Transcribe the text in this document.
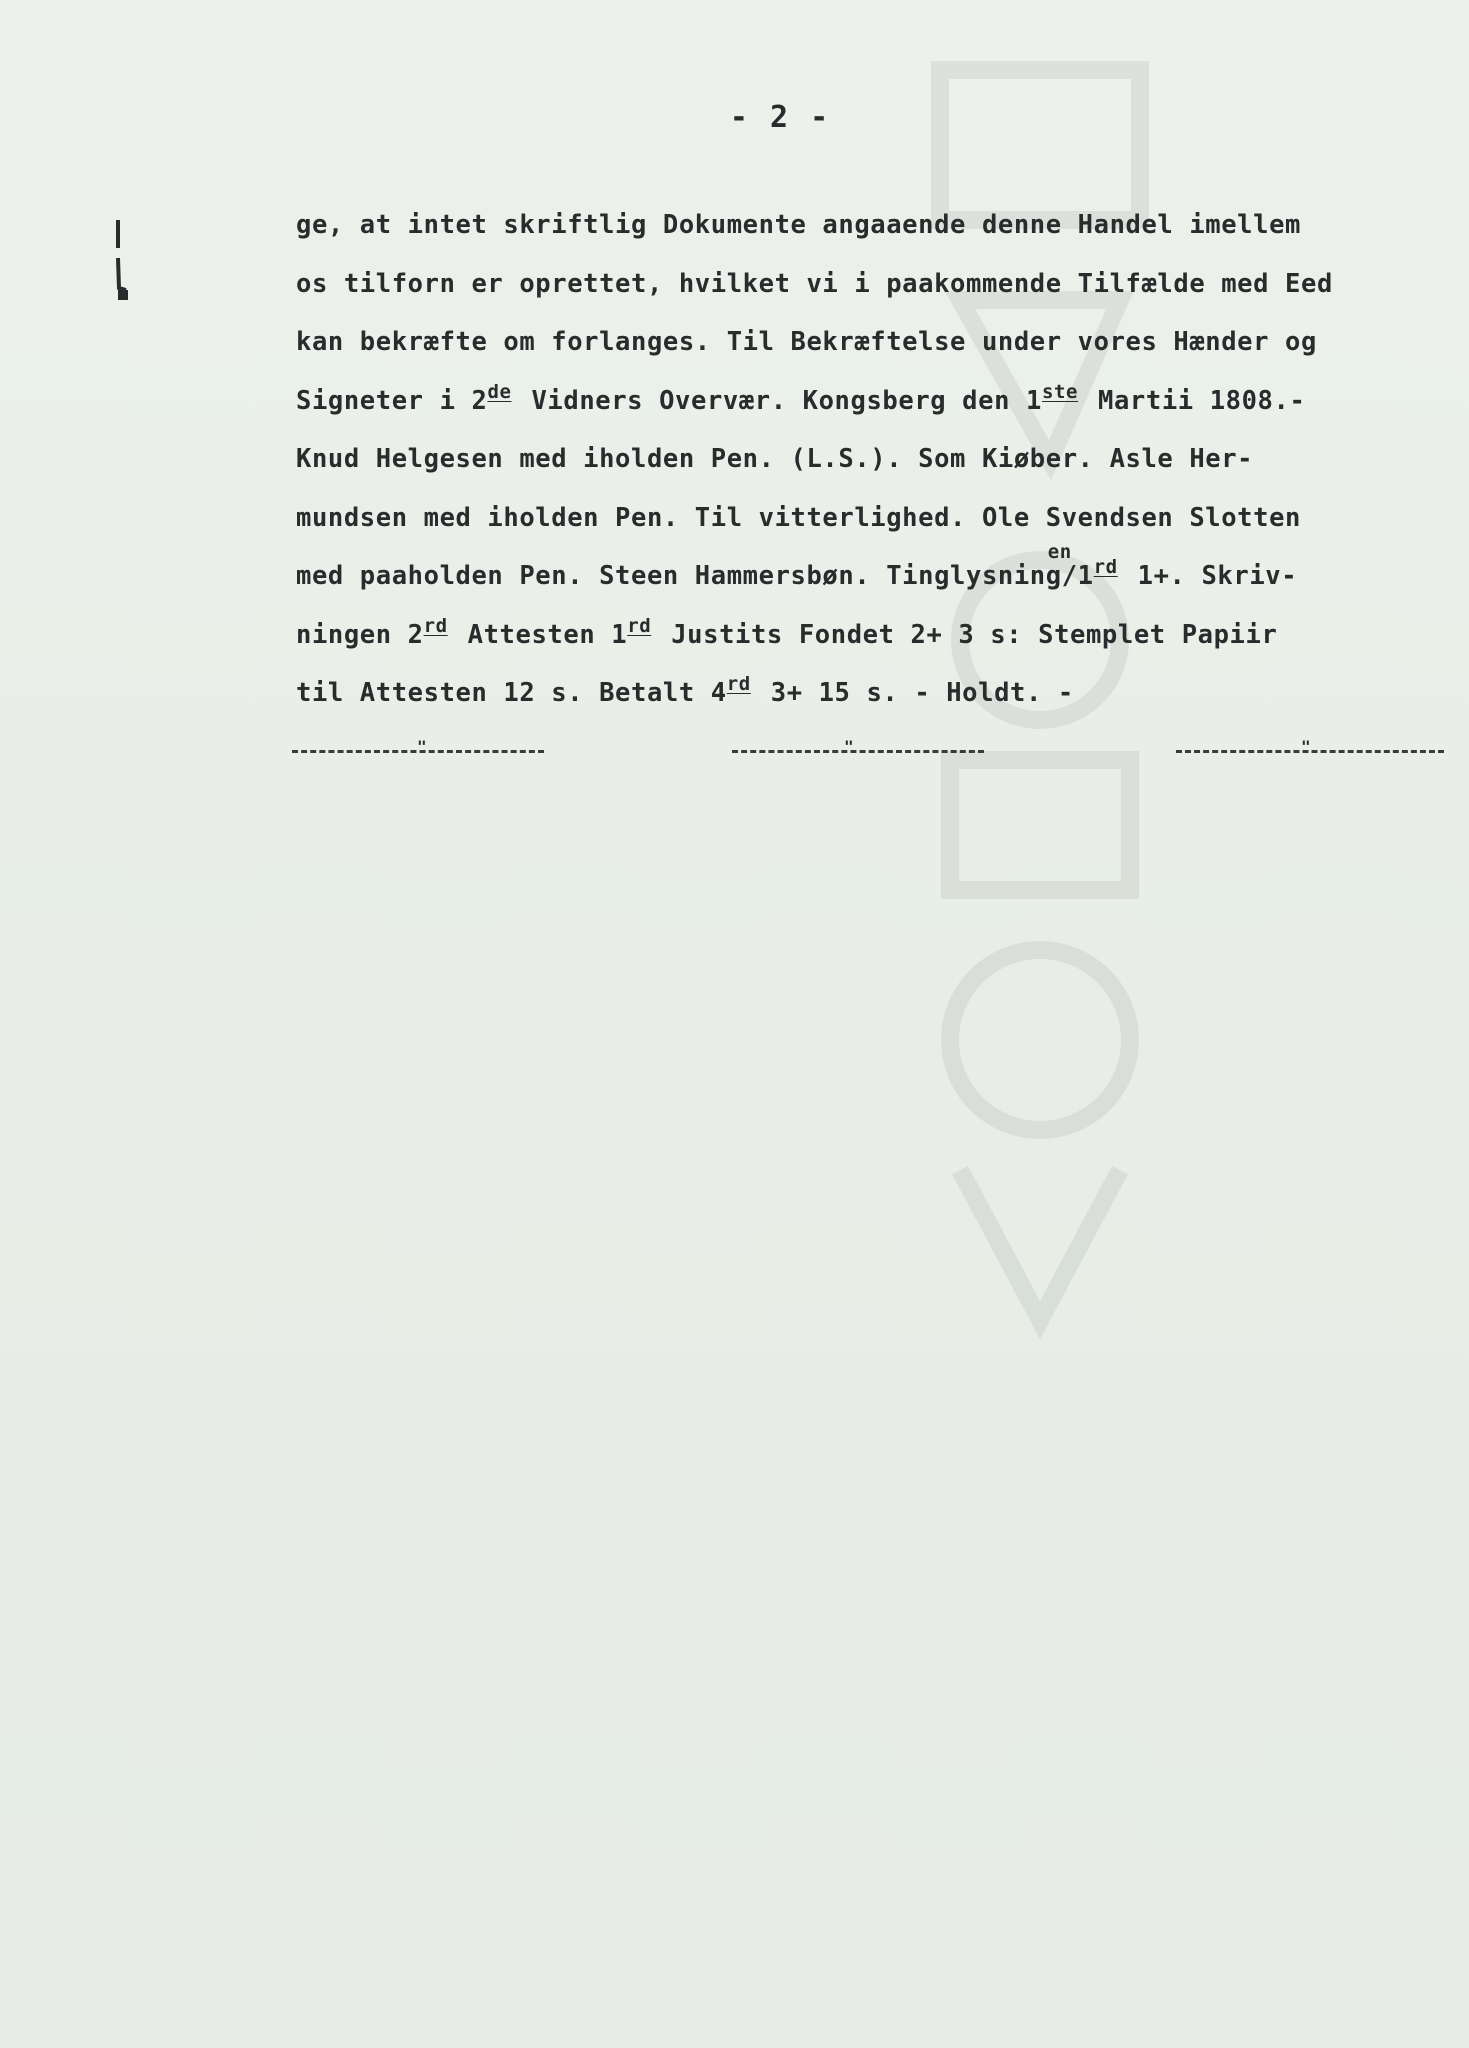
- 2 -
ge, at intet skriftlig Dokumente angaaende denne Handel imellem
os tilforn er oprettet, hvilket vi i paakommende Tilfælde med Eed
kan bekræfte om forlanges. Til Bekræftelse under vores Hænder og
Signeter i 2de Vidners Overvær. Kongsberg den 1ste Martii 1808.-
Knud Helgesen med iholden Pen. (L.S.). Som Kiøber. Asle Her-
mundsen med iholden Pen. Til vitterlighed. Ole Svendsen Slotten
med paaholden Pen. Steen Hammersbøn. Tinglysning
en
/1rd 1+. Skriv-
ningen 2rd Attesten 1rd Justits Fondet 2+ 3 s: Stemplet Papiir
til Attesten 12 s. Betalt 4rd 3+ 15 s. - Holdt. -
"	"	"
